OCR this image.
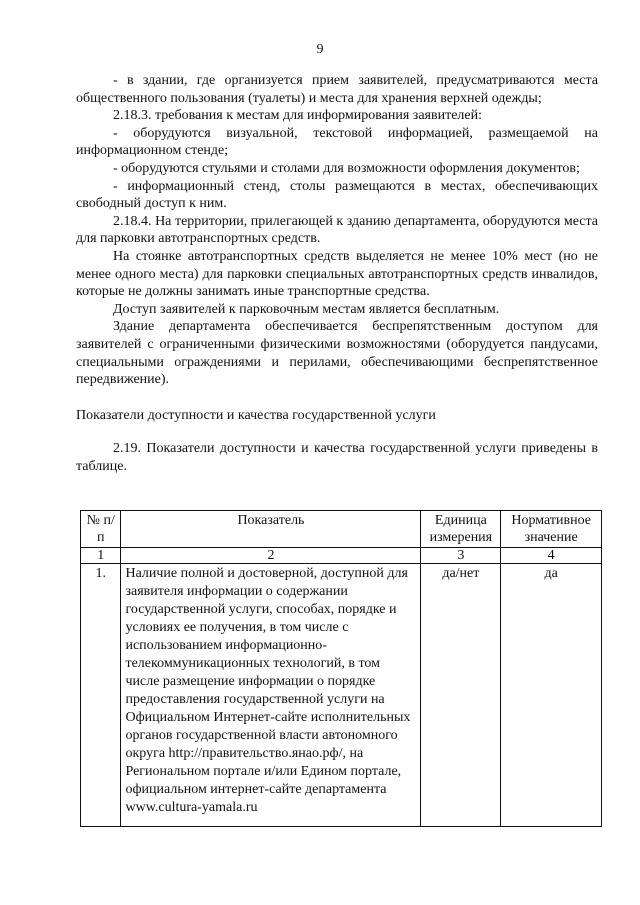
9

- в здании, где организуется прием заявителей, предусматриваются места общественного пользования (туалеты) и места для хранения верхней одежды;

2.18.3. требования к местам для информирования заявителей:

- оборудуются визуальной, текстовой информацией, размещаемой на информационном стенде;

- оборудуются стульями и столами для возможности оформления документов;

- информационный стенд, столы размещаются в местах, обеспечивающих свободный доступ к ним.

2.18.4. На территории, прилегающей к зданию департамента, оборудуются места для парковки автотранспортных средств.

На стоянке автотранспортных средств выделяется не менее 10% мест (но не менее одного места) для парковки специальных автотранспортных средств инвалидов, которые не должны занимать иные транспортные средства.

Доступ заявителей к парковочным местам является бесплатным.

Здание департамента обеспечивается беспрепятственным доступом для заявителей с ограниченными физическими возможностями (оборудуется пандусами, специальными ограждениями и перилами, обеспечивающими беспрепятственное передвижение).

Показатели доступности и качества государственной услуги

2.19. Показатели доступности и качества государственной услуги приведены в таблице.

№ п/п	Показатель	Единица измерения	Нормативное значение
1	2	3	4
1.	Наличие полной и достоверной, доступной для заявителя информации о содержании государственной услуги, способах, порядке и условиях ее получения, в том числе с использованием информационно-телекоммуникационных технологий, в том числе размещение информации о порядке предоставления государственной услуги на Официальном Интернет-сайте исполнительных органов государственной власти автономного округа http://правительство.янао.рф/, на Региональном портале и/или Едином портале, официальном интернет-сайте департамента www.cultura-yamala.ru	да/нет	да
